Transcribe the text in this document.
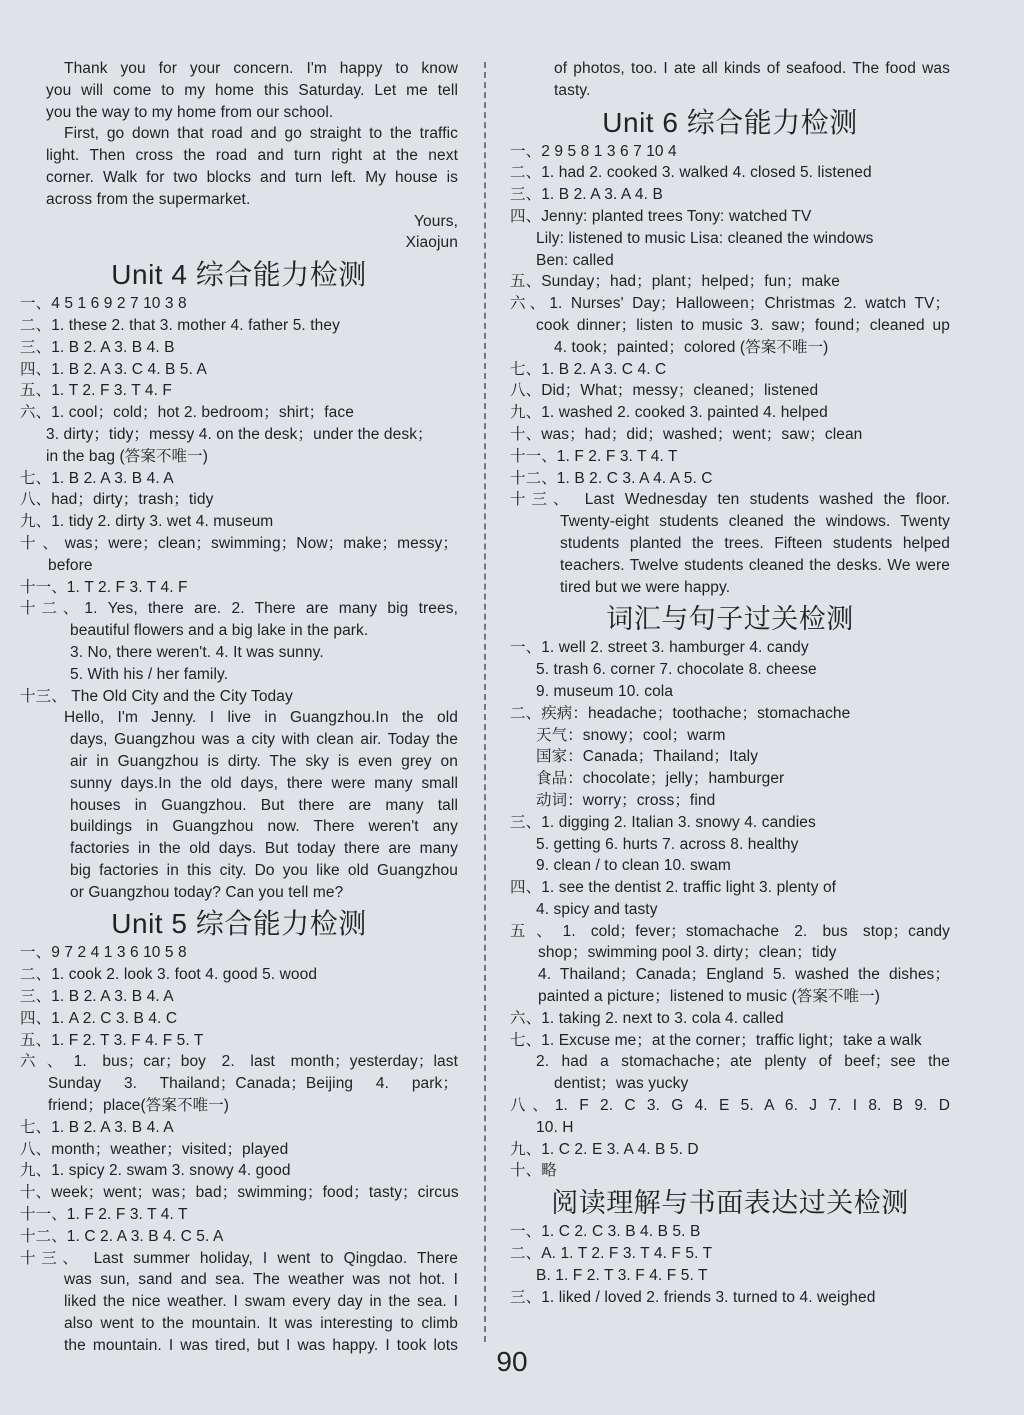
Thank you for your concern. I'm happy to know
you will come to my home this Saturday. Let me tell
you the way to my home from our school.
First, go down that road and go straight to the traffic
light. Then cross the road and turn right at the next
corner. Walk for two blocks and turn left. My house is
across from the supermarket.
Yours,
Xiaojun
Unit 4 综合能力检测
一、4 5 1 6 9 2 7 10 3 8
二、1. these 2. that 3. mother 4. father 5. they
三、1. B 2. A 3. B 4. B
四、1. B 2. A 3. C 4. B 5. A
五、1. T 2. F 3. T 4. F
六、1. cool；cold；hot 2. bedroom；shirt；face
3. dirty；tidy；messy 4. on the desk；under the desk；
in the bag (答案不唯一)
七、1. B 2. A 3. B 4. A
八、had；dirty；trash；tidy
九、1. tidy 2. dirty 3. wet 4. museum
十、was；were；clean；swimming；Now；make；messy；
before
十一、1. T 2. F 3. T 4. F
十二、1. Yes, there are. 2. There are many big trees,
beautiful flowers and a big lake in the park.
3. No, there weren't. 4. It was sunny.
5. With his / her family.
十三、 The Old City and the City Today
Hello, I'm Jenny. I live in Guangzhou.In the old
days, Guangzhou was a city with clean air. Today the
air in Guangzhou is dirty. The sky is even grey on
sunny days.In the old days, there were many small
houses in Guangzhou. But there are many tall
buildings in Guangzhou now. There weren't any
factories in the old days. But today there are many
big factories in this city. Do you like old Guangzhou
or Guangzhou today? Can you tell me?
Unit 5 综合能力检测
一、9 7 2 4 1 3 6 10 5 8
二、1. cook 2. look 3. foot 4. good 5. wood
三、1. B 2. A 3. B 4. A
四、1. A 2. C 3. B 4. C
五、1. F 2. T 3. F 4. F 5. T
六、1. bus；car；boy 2. last month；yesterday；last
Sunday 3. Thailand；Canada；Beijing 4. park；
friend；place(答案不唯一)
七、1. B 2. A 3. B 4. A
八、month；weather；visited；played
九、1. spicy 2. swam 3. snowy 4. good
十、week；went；was；bad；swimming；food；tasty；circus
十一、1. F 2. F 3. T 4. T
十二、1. C 2. A 3. B 4. C 5. A
十三、 Last summer holiday, I went to Qingdao. There
was sun, sand and sea. The weather was not hot. I
liked the nice weather. I swam every day in the sea. I
also went to the mountain. It was interesting to climb
the mountain. I was tired, but I was happy. I took lots
of photos, too. I ate all kinds of seafood. The food was
tasty.
Unit 6 综合能力检测
一、2 9 5 8 1 3 6 7 10 4
二、1. had 2. cooked 3. walked 4. closed 5. listened
三、1. B 2. A 3. A 4. B
四、Jenny: planted trees Tony: watched TV
Lily: listened to music Lisa: cleaned the windows
Ben: called
五、Sunday；had；plant；helped；fun；make
六、1. Nurses' Day；Halloween；Christmas 2. watch TV；
cook dinner；listen to music 3. saw；found；cleaned up
4. took；painted；colored (答案不唯一)
七、1. B 2. A 3. C 4. C
八、Did；What；messy；cleaned；listened
九、1. washed 2. cooked 3. painted 4. helped
十、was；had；did；washed；went；saw；clean
十一、1. F 2. F 3. T 4. T
十二、1. B 2. C 3. A 4. A 5. C
十三、 Last Wednesday ten students washed the floor.
Twenty-eight students cleaned the windows. Twenty
students planted the trees. Fifteen students helped
teachers. Twelve students cleaned the desks. We were
tired but we were happy.
词汇与句子过关检测
一、1. well 2. street 3. hamburger 4. candy
5. trash 6. corner 7. chocolate 8. cheese
9. museum 10. cola
二、疾病：headache；toothache；stomachache
天气：snowy；cool；warm
国家：Canada；Thailand；Italy
食品：chocolate；jelly；hamburger
动词：worry；cross；find
三、1. digging 2. Italian 3. snowy 4. candies
5. getting 6. hurts 7. across 8. healthy
9. clean / to clean 10. swam
四、1. see the dentist 2. traffic light 3. plenty of
4. spicy and tasty
五、1. cold；fever；stomachache 2. bus stop；candy
shop；swimming pool 3. dirty；clean；tidy
4. Thailand；Canada；England 5. washed the dishes；
painted a picture；listened to music (答案不唯一)
六、1. taking 2. next to 3. cola 4. called
七、1. Excuse me；at the corner；traffic light；take a walk
2. had a stomachache；ate plenty of beef；see the
dentist；was yucky
八、1. F 2. C 3. G 4. E 5. A 6. J 7. I 8. B 9. D
10. H
九、1. C 2. E 3. A 4. B 5. D
十、略
阅读理解与书面表达过关检测
一、1. C 2. C 3. B 4. B 5. B
二、A. 1. T 2. F 3. T 4. F 5. T
B. 1. F 2. T 3. F 4. F 5. T
三、1. liked / loved 2. friends 3. turned to 4. weighed
90
